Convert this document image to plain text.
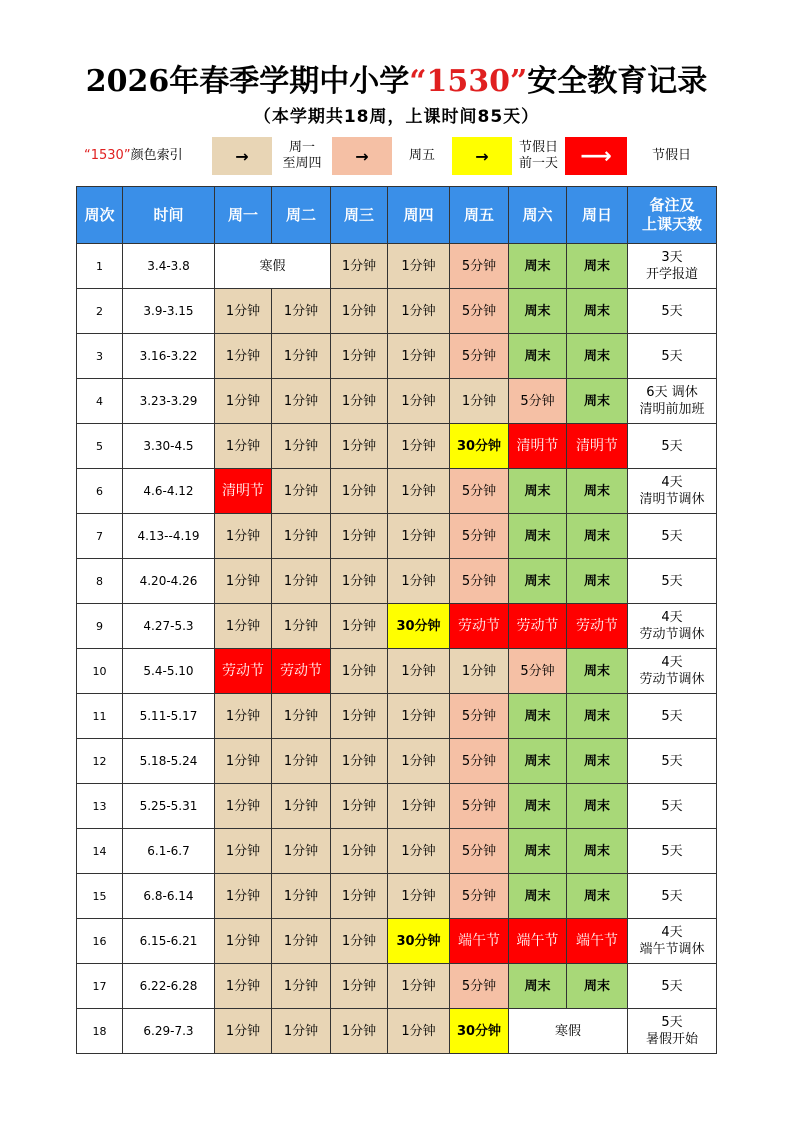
2026年春季学期中小学“1530”安全教育记录
（本学期共18周，上课时间85天）
“1530”颜色索引	→	周一
至周四	→	周五	→	节假日
前一天	⟶	节假日
周次	时间	周一	周二	周三	周四	周五	周六	周日	备注及
上课天数
1	3.4-3.8	寒假		1分钟	1分钟	5分钟	周末	周末	3天
开学报道
2	3.9-3.15	1分钟	1分钟	1分钟	1分钟	5分钟	周末	周末	5天
3	3.16-3.22	1分钟	1分钟	1分钟	1分钟	5分钟	周末	周末	5天
4	3.23-3.29	1分钟	1分钟	1分钟	1分钟	1分钟	5分钟	周末	6天 调休
清明前加班
5	3.30-4.5	1分钟	1分钟	1分钟	1分钟	30分钟	清明节	清明节	5天
6	4.6-4.12	清明节	1分钟	1分钟	1分钟	5分钟	周末	周末	4天
清明节调休
7	4.13--4.19	1分钟	1分钟	1分钟	1分钟	5分钟	周末	周末	5天
8	4.20-4.26	1分钟	1分钟	1分钟	1分钟	5分钟	周末	周末	5天
9	4.27-5.3	1分钟	1分钟	1分钟	30分钟	劳动节	劳动节	劳动节	4天
劳动节调休
10	5.4-5.10	劳动节	劳动节	1分钟	1分钟	1分钟	5分钟	周末	4天
劳动节调休
11	5.11-5.17	1分钟	1分钟	1分钟	1分钟	5分钟	周末	周末	5天
12	5.18-5.24	1分钟	1分钟	1分钟	1分钟	5分钟	周末	周末	5天
13	5.25-5.31	1分钟	1分钟	1分钟	1分钟	5分钟	周末	周末	5天
14	6.1-6.7	1分钟	1分钟	1分钟	1分钟	5分钟	周末	周末	5天
15	6.8-6.14	1分钟	1分钟	1分钟	1分钟	5分钟	周末	周末	5天
16	6.15-6.21	1分钟	1分钟	1分钟	30分钟	端午节	端午节	端午节	4天
端午节调休
17	6.22-6.28	1分钟	1分钟	1分钟	1分钟	5分钟	周末	周末	5天
18	6.29-7.3	1分钟	1分钟	1分钟	1分钟	30分钟	寒假		5天
暑假开始
